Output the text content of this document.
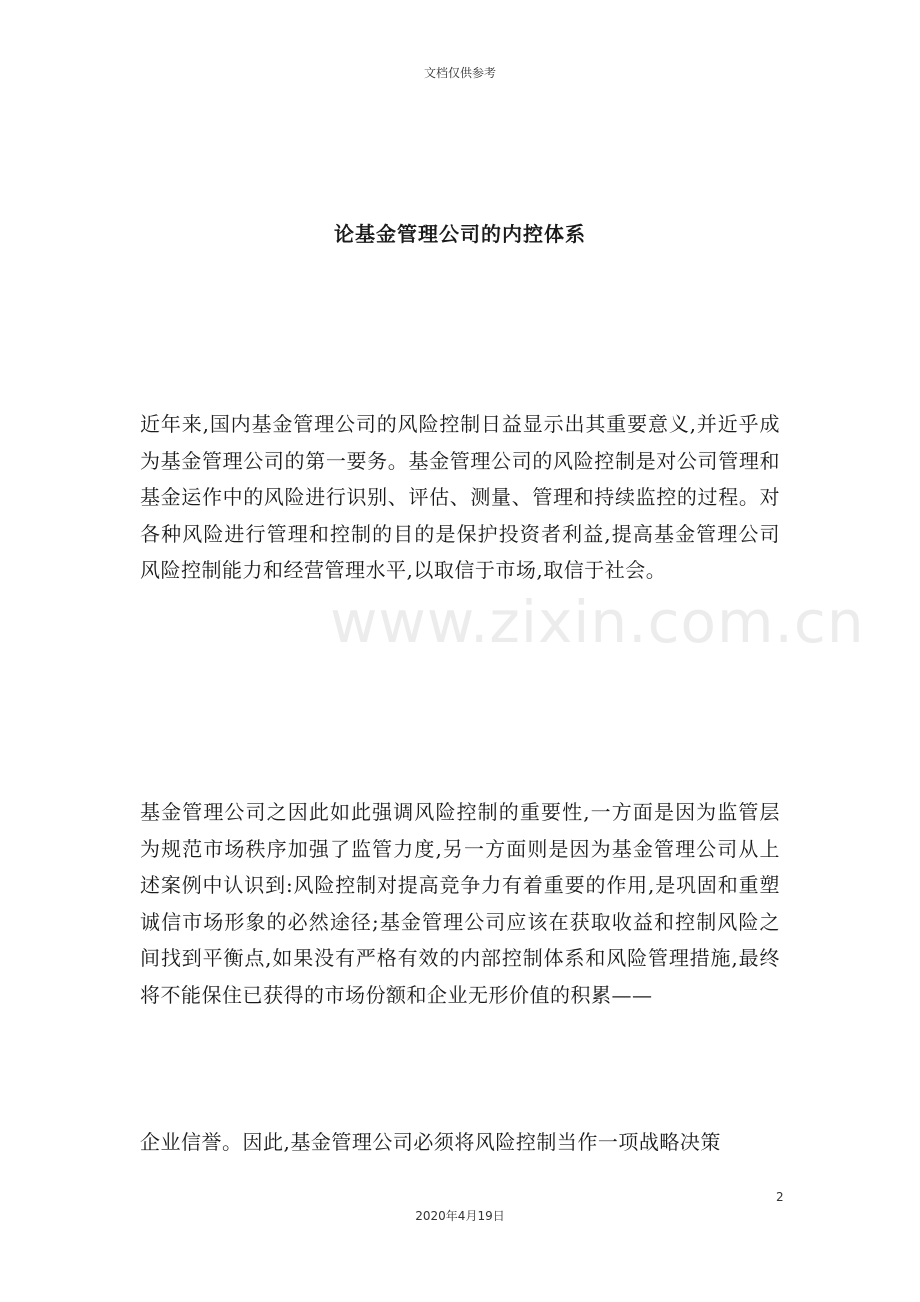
文档仅供参考
论基金管理公司的内控体系
www.zixin.com.cn

近年来,国内基金管理公司的风险控制日益显示出其重要意义,并近乎成为基金管理公司的第一要务。基金管理公司的风险控制是对公司管理和基金运作中的风险进行识别、评估、测量、管理和持续监控的过程。对各种风险进行管理和控制的目的是保护投资者利益,提高基金管理公司风险控制能力和经营管理水平,以取信于市场,取信于社会。

基金管理公司之因此如此强调风险控制的重要性,一方面是因为监管层为规范市场秩序加强了监管力度,另一方面则是因为基金管理公司从上述案例中认识到:风险控制对提高竞争力有着重要的作用,是巩固和重塑诚信市场形象的必然途径;基金管理公司应该在获取收益和控制风险之间找到平衡点,如果没有严格有效的内部控制体系和风险管理措施,最终将不能保住已获得的市场份额和企业无形价值的积累——

企业信誉。因此,基金管理公司必须将风险控制当作一项战略决策

2
2020年4月19日
